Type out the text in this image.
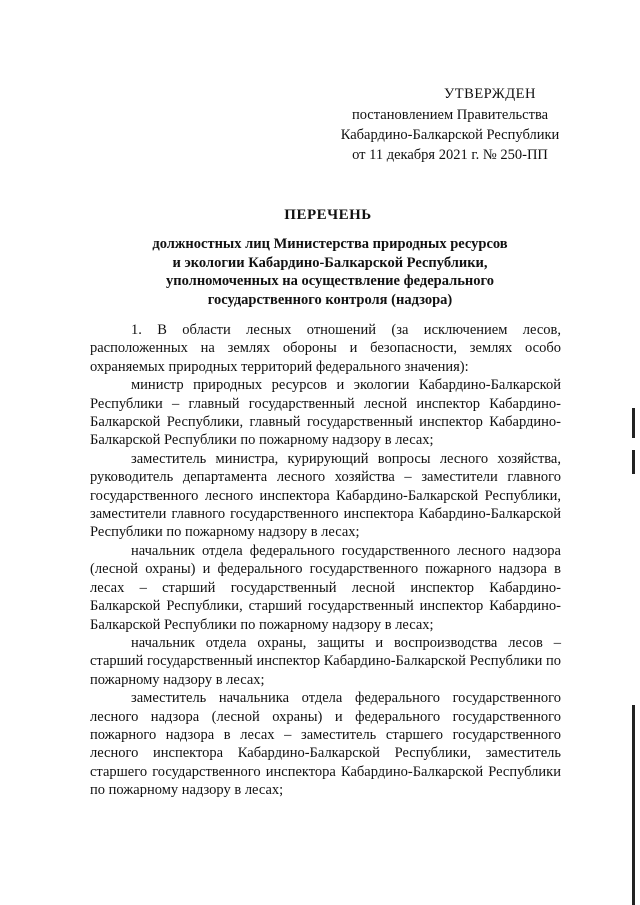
УТВЕРЖДЕН
постановлением Правительства
Кабардино-Балкарской Республики
от 11 декабря 2021 г. № 250-ПП
ПЕРЕЧЕНЬ
должностных лиц Министерства природных ресурсов
и экологии Кабардино-Балкарской Республики,
уполномоченных на осуществление федерального
государственного контроля (надзора)

1. В области лесных отношений (за исключением лесов, расположенных на землях обороны и безопасности, землях особо охраняемых природных территорий федерального значения):

министр природных ресурсов и экологии Кабардино-Балкарской Республики – главный государственный лесной инспектор Кабардино-Балкарской Республики, главный государственный инспектор Кабардино-Балкарской Республики по пожарному надзору в лесах;

заместитель министра, курирующий вопросы лесного хозяйства, руководитель департамента лесного хозяйства – заместители главного государственного лесного инспектора Кабардино-Балкарской Республики, заместители главного государственного инспектора Кабардино-Балкарской Республики по пожарному надзору в лесах;

начальник отдела федерального государственного лесного надзора (лесной охраны) и федерального государственного пожарного надзора в лесах – старший государственный лесной инспектор Кабардино-Балкарской Республики, старший государственный инспектор Кабардино-Балкарской Республики по пожарному надзору в лесах;

начальник отдела охраны, защиты и воспроизводства лесов – старший государственный инспектор Кабардино-Балкарской Республики по пожарному надзору в лесах;

заместитель начальника отдела федерального государственного лесного надзора (лесной охраны) и федерального государственного пожарного надзора в лесах – заместитель старшего государственного лесного инспектора Кабардино-Балкарской Республики, заместитель старшего государственного инспектора Кабардино-Балкарской Республики по пожарному надзору в лесах;
